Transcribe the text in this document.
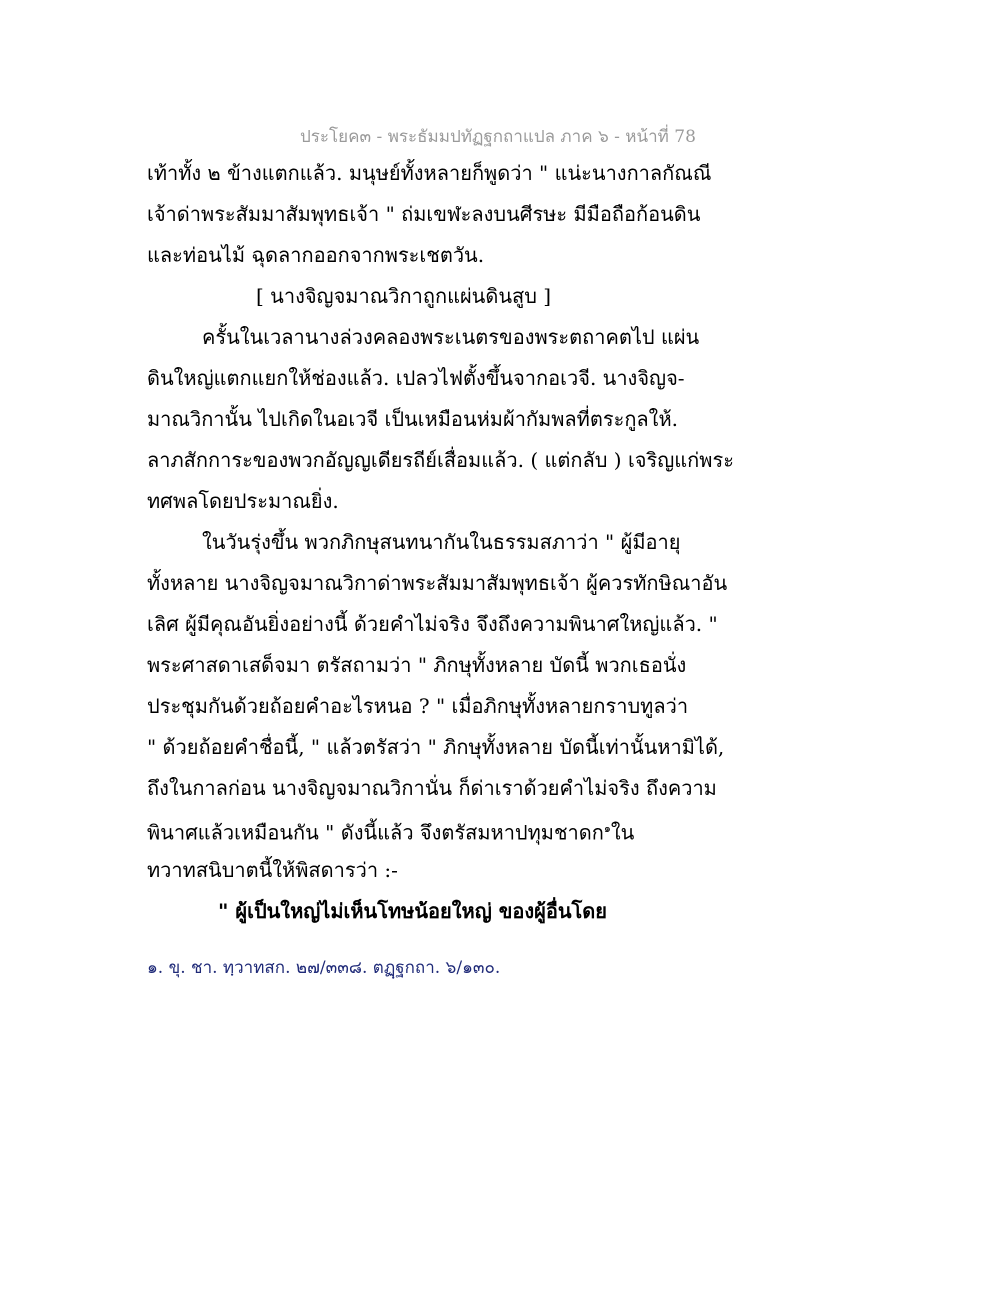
ประโยค๓ - พระธัมมปทัฏฐกถาแปล ภาค ๖ - หน้าที่ 78
เท้าทั้ง ๒ ข้างแตกแล้ว. มนุษย์ทั้งหลายก็พูดว่า " แน่ะนางกาลกัณณี
เจ้าด่าพระสัมมาสัมพุทธเจ้า " ถ่มเขฬะลงบนศีรษะ มีมือถือก้อนดิน
และท่อนไม้ ฉุดลากออกจากพระเชตวัน.
[ นางจิญจมาณวิกาถูกแผ่นดินสูบ ]
ครั้นในเวลานางล่วงคลองพระเนตรของพระตถาคตไป แผ่น
ดินใหญ่แตกแยกให้ช่องแล้ว. เปลวไฟตั้งขึ้นจากอเวจี. นางจิญจ-
มาณวิกานั้น ไปเกิดในอเวจี เป็นเหมือนห่มผ้ากัมพลที่ตระกูลให้.
ลาภสักการะของพวกอัญญเดียรถีย์เสื่อมแล้ว. ( แต่กลับ ) เจริญแก่พระ
ทศพลโดยประมาณยิ่ง.
ในวันรุ่งขึ้น พวกภิกษุสนทนากันในธรรมสภาว่า " ผู้มีอายุ
ทั้งหลาย นางจิญจมาณวิกาด่าพระสัมมาสัมพุทธเจ้า ผู้ควรทักษิณาอัน
เลิศ ผู้มีคุณอันยิ่งอย่างนี้ ด้วยคำไม่จริง จึงถึงความพินาศใหญ่แล้ว. "
พระศาสดาเสด็จมา ตรัสถามว่า " ภิกษุทั้งหลาย บัดนี้ พวกเธอนั่ง
ประชุมกันด้วยถ้อยคำอะไรหนอ ? " เมื่อภิกษุทั้งหลายกราบทูลว่า
" ด้วยถ้อยคำชื่อนี้, " แล้วตรัสว่า " ภิกษุทั้งหลาย บัดนี้เท่านั้นหามิได้,
ถึงในกาลก่อน นางจิญจมาณวิกานั่น ก็ด่าเราด้วยคำไม่จริง ถึงความ
พินาศแล้วเหมือนกัน " ดังนี้แล้ว จึงตรัสมหาปทุมชาดก$^๑$ใน
ทวาทสนิบาตนี้ให้พิสดารว่า :-
" ผู้เป็นใหญ่ไม่เห็นโทษน้อยใหญ่ ของผู้อื่นโดย
๑. ขุ. ชา. ทฺวาทสก. ๒๗/๓๓๘. ตฏฺฐกถา. ๖/๑๓๐.
